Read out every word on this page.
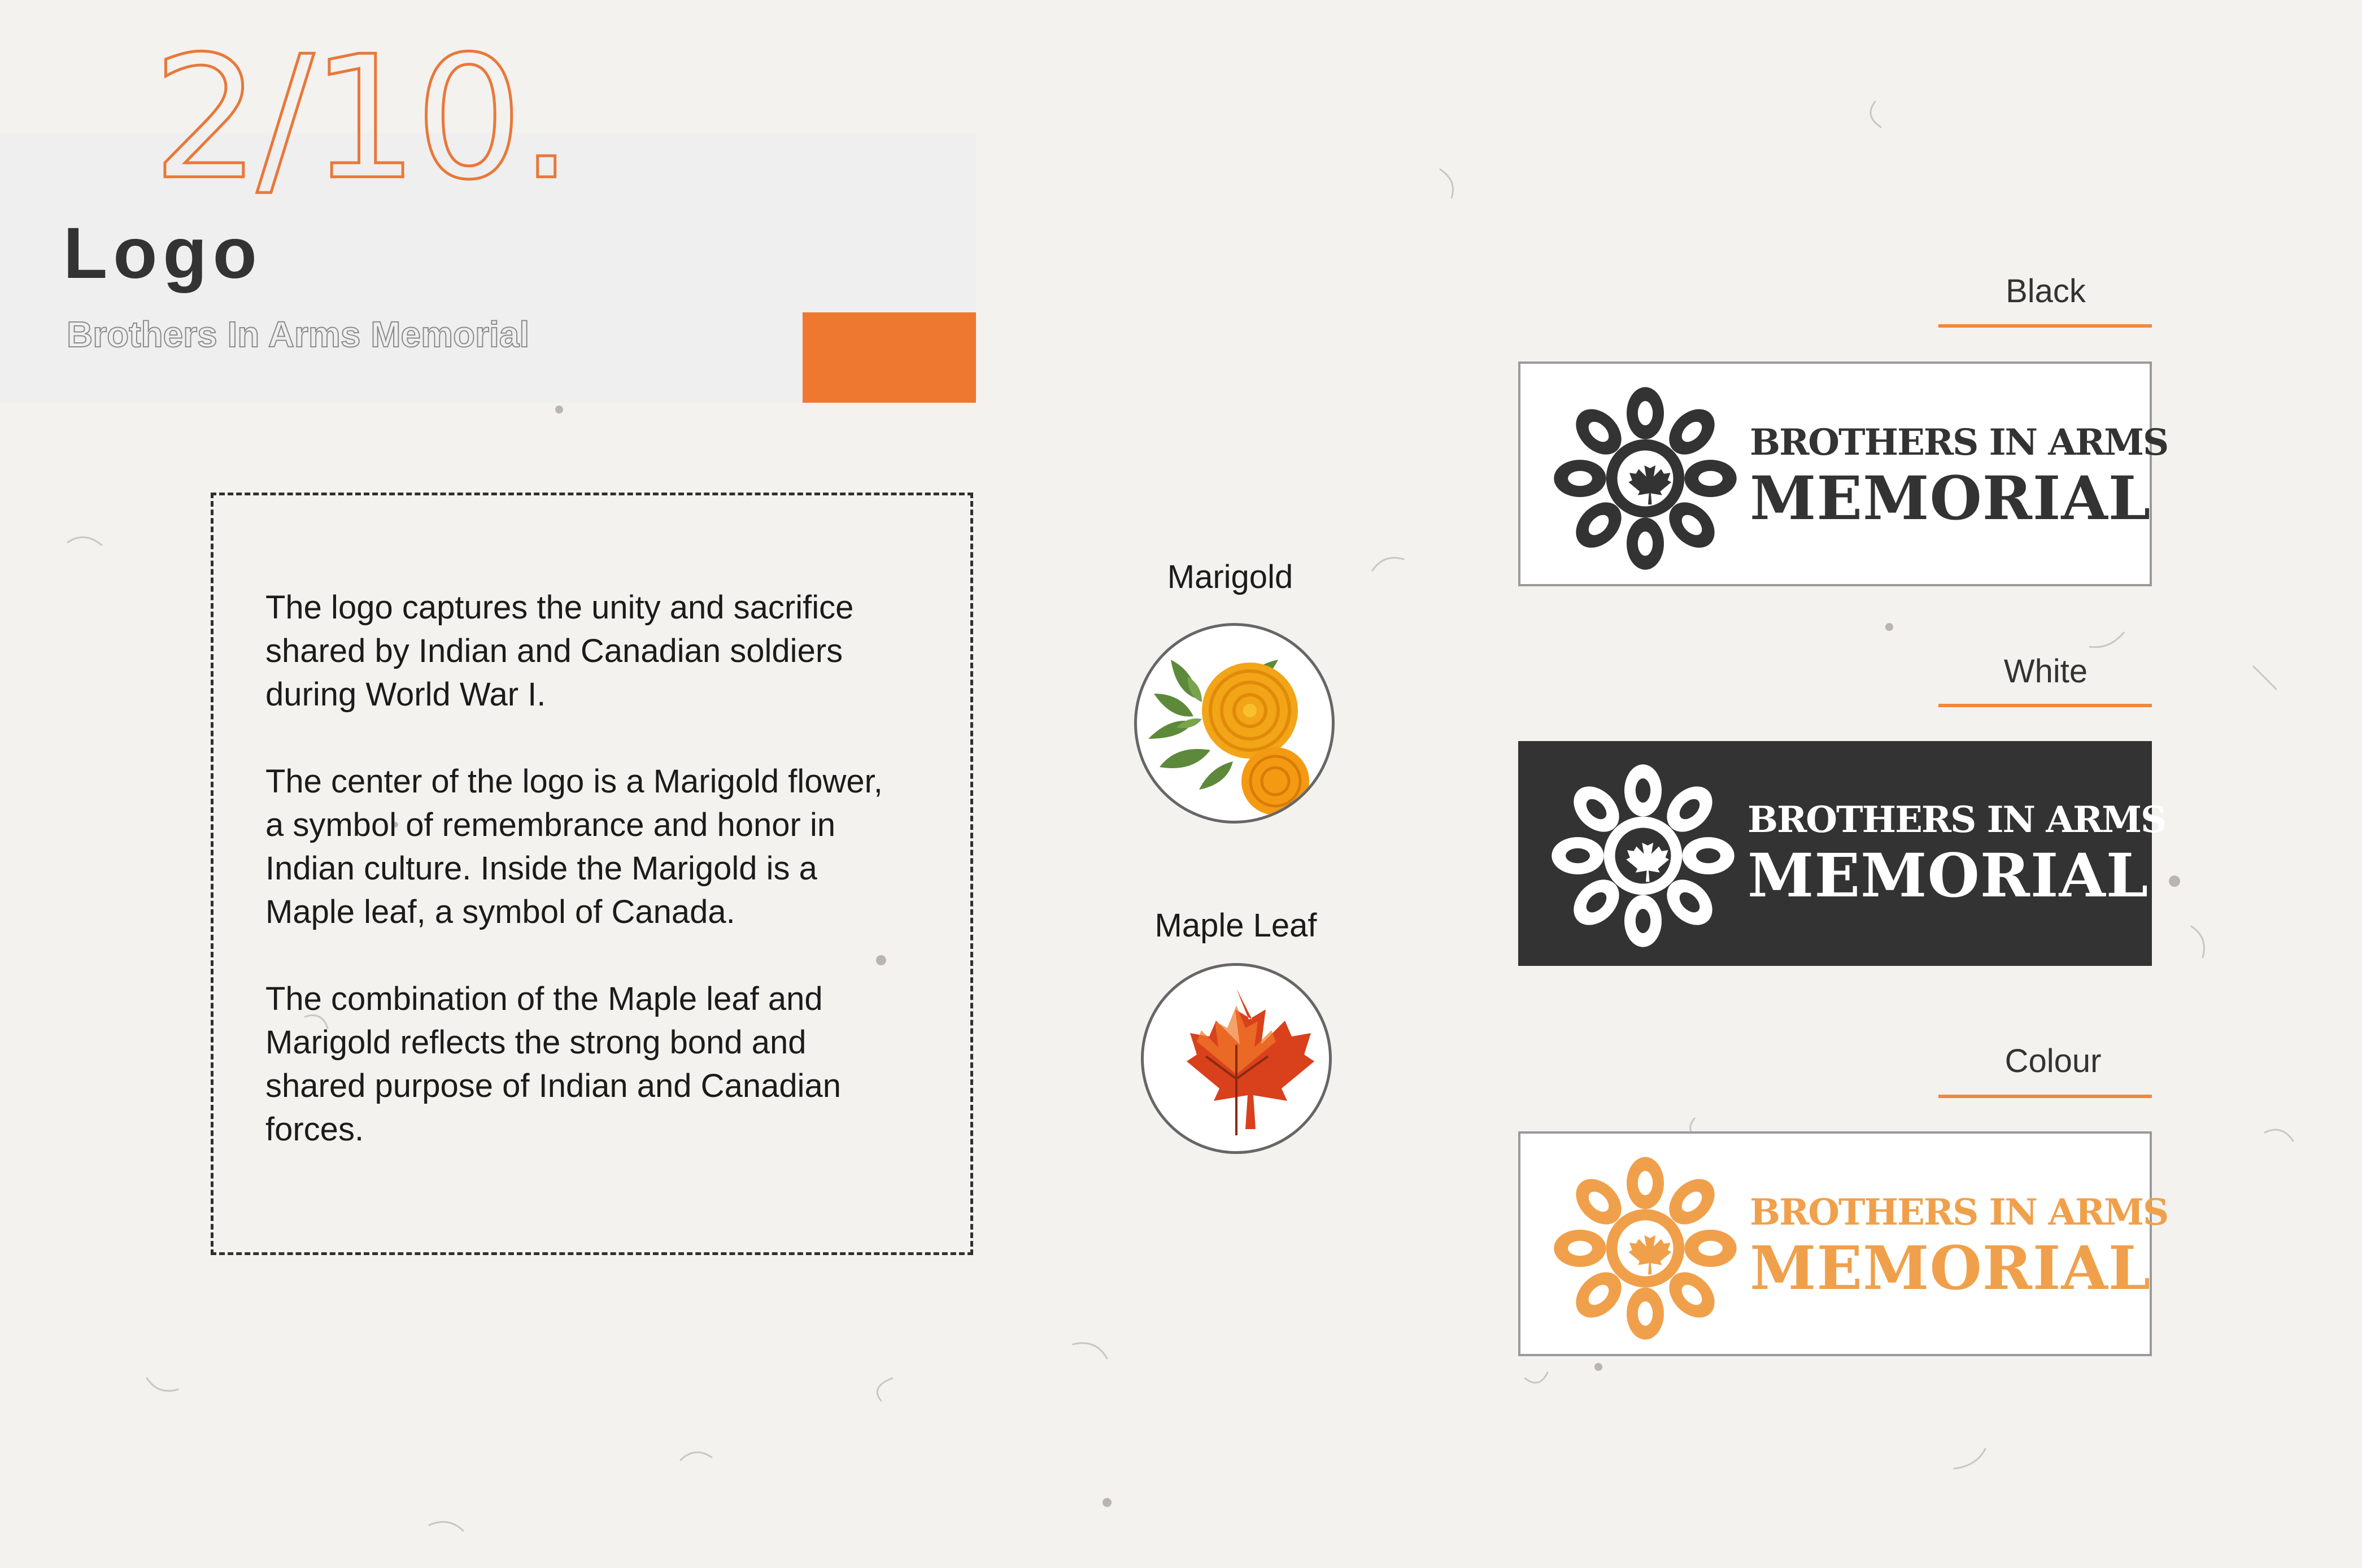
2/10.
Logo
Brothers In Arms Memorial

The logo captures the unity and sacrifice shared by Indian and Canadian soldiers during World War I.

The center of the logo is a Marigold flower, a symbol of remembrance and honor in Indian culture. Inside the Marigold is a Maple leaf, a symbol of Canada.

The combination of the Maple leaf and Marigold reflects the strong bond and shared purpose of Indian and Canadian forces.

Marigold
Maple Leaf
Black
BROTHERS IN ARMS
MEMORIAL
White
BROTHERS IN ARMS
MEMORIAL
Colour
BROTHERS IN ARMS
MEMORIAL
